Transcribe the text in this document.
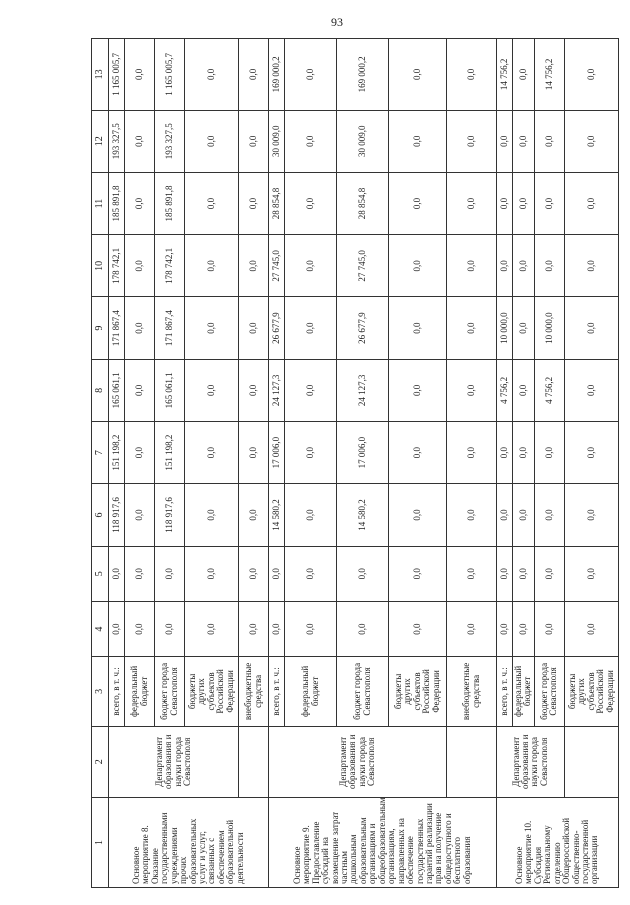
93
1	2	3	4	5	6	7	8	9	10	11	12	13
Основное мероприятие 8. Оказание государственными учреждениями прочих образовательных услуг и услуг, связанных с обеспечением образовательной деятельности	Департамент образования и науки города Севастополя	всего, в т. ч.:	0,0	0,0	118 917,6	151 198,2	165 061,1	171 867,4	178 742,1	185 891,8	193 327,5	1 165 005,7
		федеральный бюджет	0,0	0,0	0,0	0,0	0,0	0,0	0,0	0,0	0,0	0,0
		бюджет города Севастополя	0,0	0,0	118 917,6	151 198,2	165 061,1	171 867,4	178 742,1	185 891,8	193 327,5	1 165 005,7
		бюджеты других субъектов Российской Федерации	0,0	0,0	0,0	0,0	0,0	0,0	0,0	0,0	0,0	0,0
		внебюджетные средства	0,0	0,0	0,0	0,0	0,0	0,0	0,0	0,0	0,0	0,0
Основное мероприятие 9. Предоставление субсидий на возмещение затрат частным дошкольным образовательным организациям и общеобразовательным организациям, направленных на обеспечение государственных гарантий реализации прав на получение общедоступного и бесплатного образования	Департамент образования и науки города Севастополя	всего, в т. ч.:	0,0	0,0	14 580,2	17 006,0	24 127,3	26 677,9	27 745,0	28 854,8	30 009,0	169 000,2
		федеральный бюджет	0,0	0,0	0,0	0,0	0,0	0,0	0,0	0,0	0,0	0,0
		бюджет города Севастополя	0,0	0,0	14 580,2	17 006,0	24 127,3	26 677,9	27 745,0	28 854,8	30 009,0	169 000,2
		бюджеты других субъектов Российской Федерации	0,0	0,0	0,0	0,0	0,0	0,0	0,0	0,0	0,0	0,0
		внебюджетные средства	0,0	0,0	0,0	0,0	0,0	0,0	0,0	0,0	0,0	0,0
Основное мероприятие 10. Субсидия Региональному отделению Общероссийской общественно-государственной организации	Департамент образования и науки города Севастополя	всего, в т. ч.:	0,0	0,0	0,0	0,0	4 756,2	10 000,0	0,0	0,0	0,0	14 756,2
		федеральный бюджет	0,0	0,0	0,0	0,0	0,0	0,0	0,0	0,0	0,0	0,0
		бюджет города Севастополя	0,0	0,0	0,0	0,0	4 756,2	10 000,0	0,0	0,0	0,0	14 756,2
		бюджеты других субъектов Российской Федерации	0,0	0,0	0,0	0,0	0,0	0,0	0,0	0,0	0,0	0,0
